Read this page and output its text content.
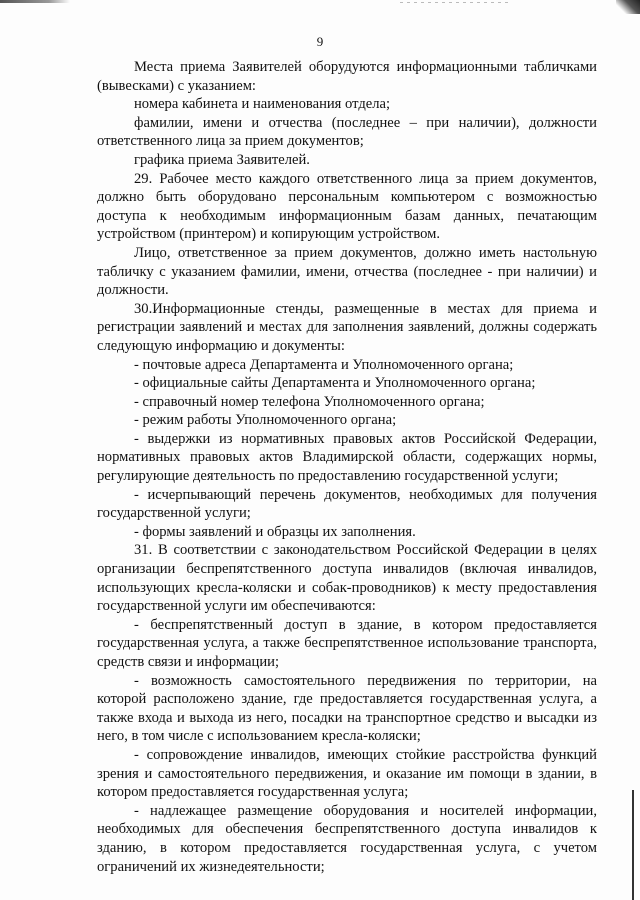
9

Места приема Заявителей оборудуются информационными табличками (вывесками) с указанием:

номера кабинета и наименования отдела;

фамилии, имени и отчества (последнее – при наличии), должности ответственного лица за прием документов;

графика приема Заявителей.

29. Рабочее место каждого ответственного лица за прием документов, должно быть оборудовано персональным компьютером с возможностью доступа к необходимым информационным базам данных, печатающим устройством (принтером) и копирующим устройством.

Лицо, ответственное за прием документов, должно иметь настольную табличку с указанием фамилии, имени, отчества (последнее - при наличии) и должности.

30.Информационные стенды, размещенные в местах для приема и регистрации заявлений и местах для заполнения заявлений, должны содержать следующую информацию и документы:

- почтовые адреса Департамента и Уполномоченного органа;

- официальные сайты Департамента и Уполномоченного органа;

- справочный номер телефона Уполномоченного органа;

- режим работы Уполномоченного органа;

- выдержки из нормативных правовых актов Российской Федерации, нормативных правовых актов Владимирской области, содержащих нормы, регулирующие деятельность по предоставлению государственной услуги;

- исчерпывающий перечень документов, необходимых для получения государственной услуги;

- формы заявлений и образцы их заполнения.

31. В соответствии с законодательством Российской Федерации в целях организации беспрепятственного доступа инвалидов (включая инвалидов, использующих кресла-коляски и собак-проводников) к месту предоставления государственной услуги им обеспечиваются:

- беспрепятственный доступ в здание, в котором предоставляется государственная услуга, а также беспрепятственное использование транспорта, средств связи и информации;

- возможность самостоятельного передвижения по территории, на которой расположено здание, где предоставляется государственная услуга, а также входа и выхода из него, посадки на транспортное средство и высадки из него, в том числе с использованием кресла-коляски;

- сопровождение инвалидов, имеющих стойкие расстройства функций зрения и самостоятельного передвижения, и оказание им помощи в здании, в котором предоставляется государственная услуга;

- надлежащее размещение оборудования и носителей информации, необходимых для обеспечения беспрепятственного доступа инвалидов к зданию, в котором предоставляется государственная услуга, с учетом ограничений их жизнедеятельности;
